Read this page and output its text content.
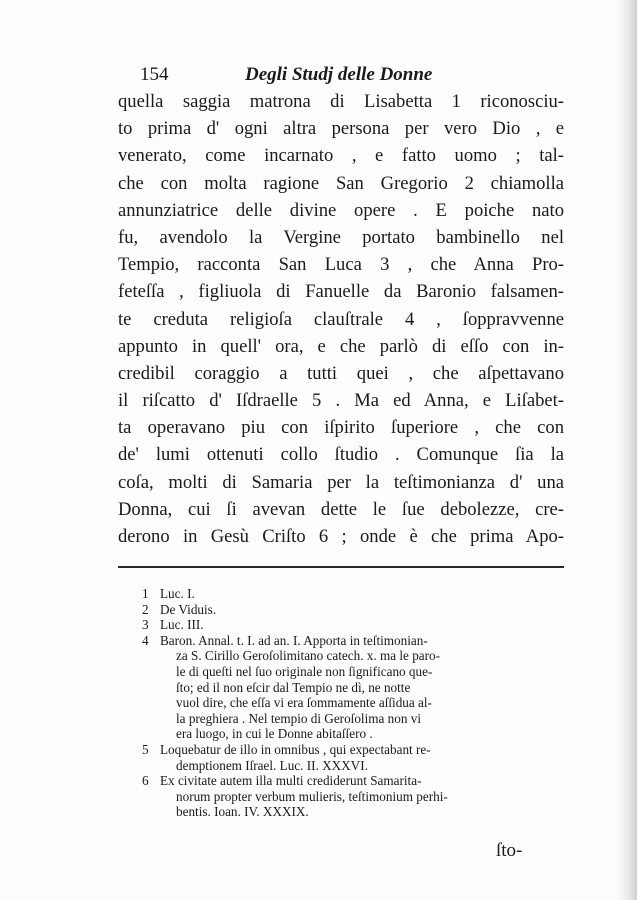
154	Degli Studj delle Donne
quella saggia matrona di Lisabetta 1 riconosciu-
to prima d' ogni altra persona per vero Dio , e
venerato, come incarnato , e fatto uomo ; tal-
che con molta ragione San Gregorio 2 chiamolla
annunziatrice delle divine opere . E poiche nato
fu, avendolo la Vergine portato bambinello nel
Tempio, racconta San Luca 3 , che Anna Pro-
feteſſa , figliuola di Fanuelle da Baronio falsamen-
te creduta religioſa clauſtrale 4 , ſoppravvenne
appunto in quell' ora, e che parlò di eſſo con in-
credibil coraggio a tutti quei , che aſpettavano
il riſcatto d' Iſdraelle 5 . Ma ed Anna, e Liſabet-
ta operavano piu con iſpirito ſuperiore , che con
de' lumi ottenuti collo ſtudio . Comunque ſia la
coſa, molti di Samaria per la teſtimonianza d' una
Donna, cui ſi avevan dette le ſue debolezze, cre-
derono in Gesù Criſto 6 ; onde è che prima Apo-
1 Luc. I.
2 De Viduis.
3 Luc. III.
4 Baron. Annal. t. I. ad an. I. Apporta in teſtimonian-
za S. Cirillo Geroſolimitano catech. x. ma le paro-
le di queſti nel ſuo originale non ſignificano que-
ſto; ed il non eſcir dal Tempio ne dì, ne notte
vuol dire, che eſſa vi era ſommamente aſſidua al-
la preghiera . Nel tempio di Geroſolima non vi
era luogo, in cui le Donne abitaſſero .
5 Loquebatur de illo in omnibus , qui expectabant re-
demptionem Iſrael. Luc. II. XXXVI.
6 Ex civitate autem illa multi crediderunt Samarita-
norum propter verbum mulieris, teſtimonium perhi-
bentis. Ioan. IV. XXXIX.
ſto-
